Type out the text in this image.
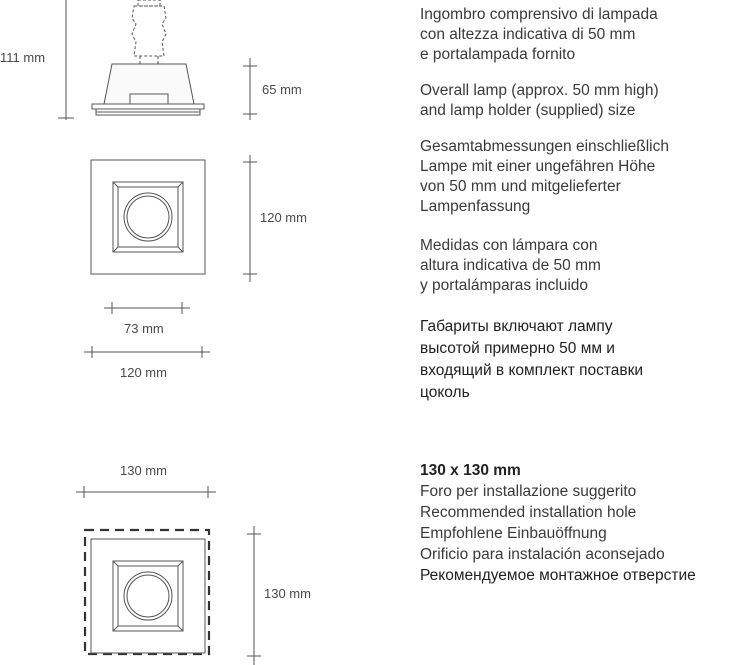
111 mm
65 mm
120 mm
73 mm
120 mm
130 mm
130 mm
Ingombro comprensivo di lampada
con altezza indicativa di 50 mm
e portalampada fornito
Overall lamp (approx. 50 mm high)
and lamp holder (supplied) size
Gesamtabmessungen einschließlich
Lampe mit einer ungefähren Höhe
von 50 mm und mitgelieferter
Lampenfassung
Medidas con lámpara con
altura indicativa de 50 mm
y portalámparas incluido
Габариты включают лампу
высотой примерно 50 мм и
входящий в комплект поставки
цоколь
130 x 130 mm
Foro per installazione suggerito
Recommended installation hole
Empfohlene Einbauöffnung
Orificio para instalación aconsejado
Рекомендуемое монтажное отверстие
